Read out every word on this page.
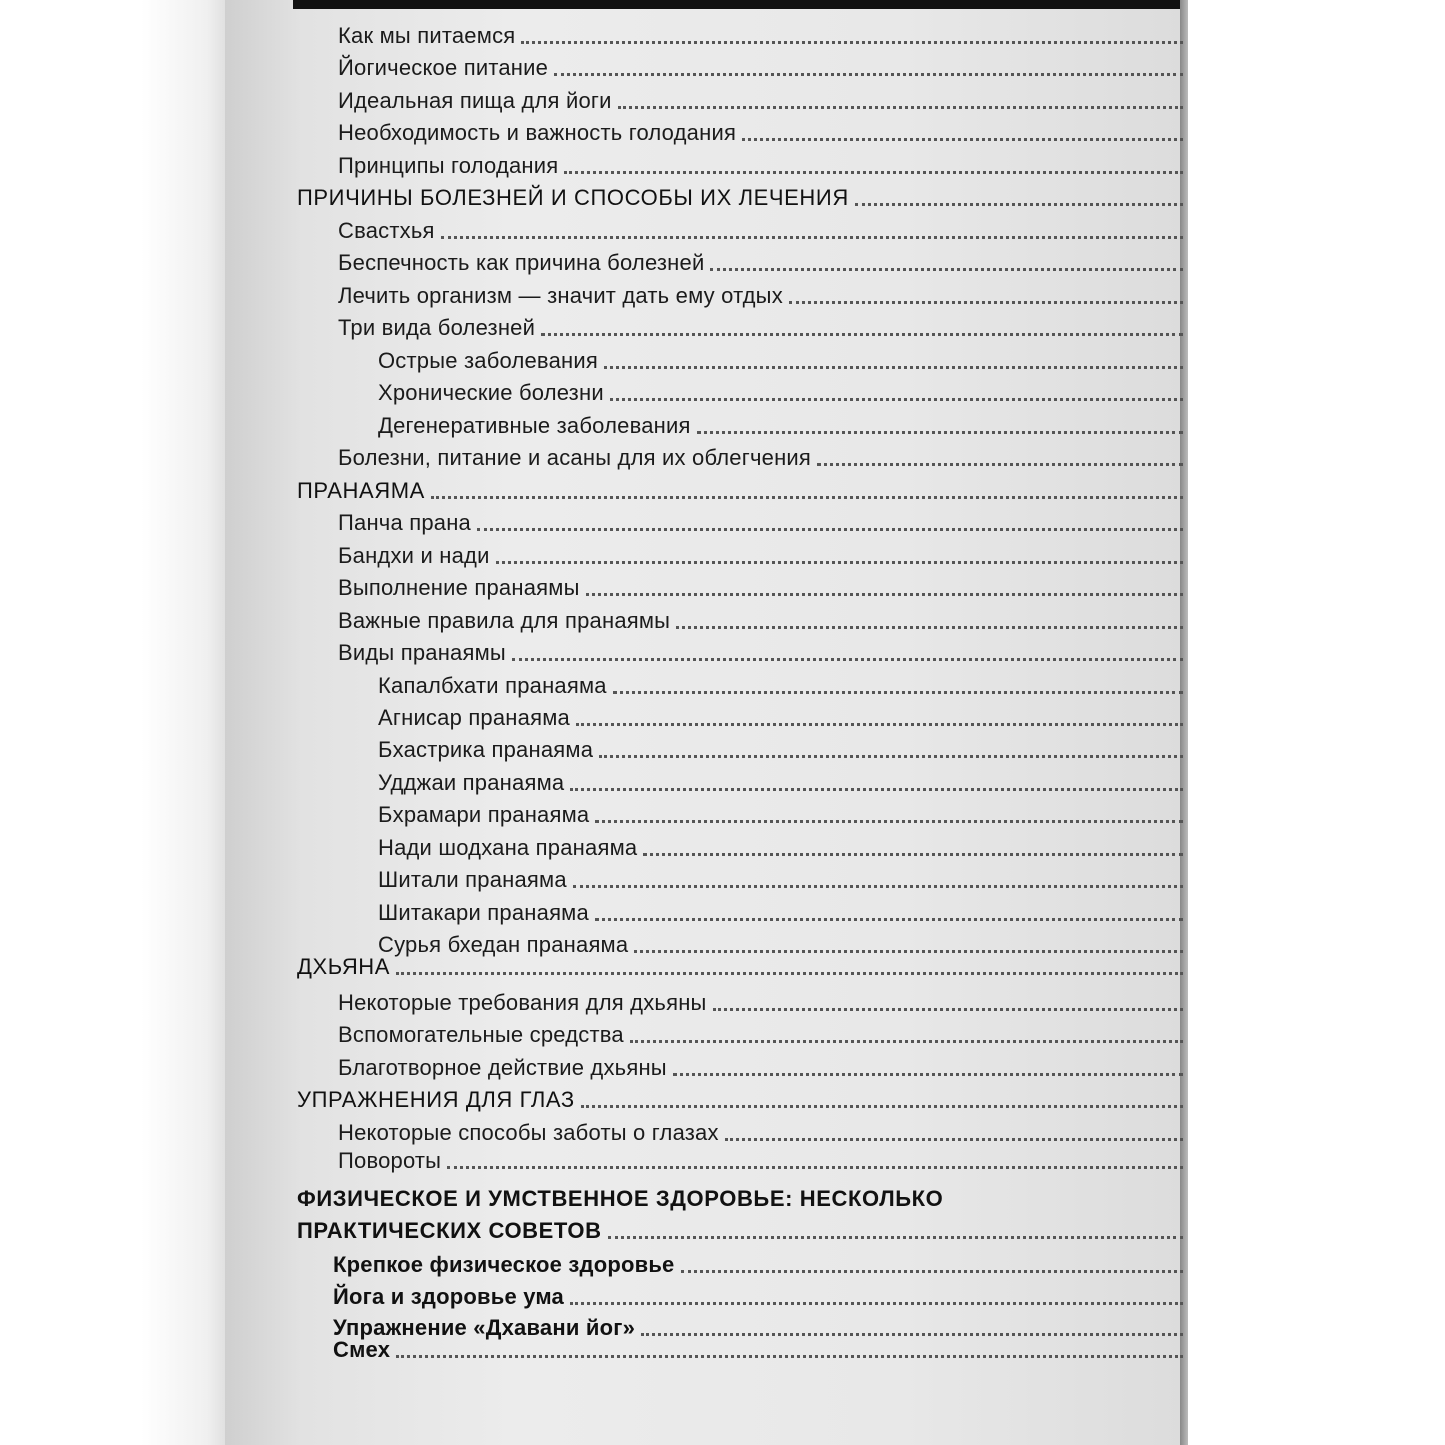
Как мы питаемся
Йогическое питание
Идеальная пища для йоги
Необходимость и важность голодания
Принципы голодания
ПРИЧИНЫ БОЛЕЗНЕЙ И СПОСОБЫ ИХ ЛЕЧЕНИЯ
Свастхья
Беспечность как причина болезней
Лечить организм — значит дать ему отдых
Три вида болезней
Острые заболевания
Хронические болезни
Дегенеративные заболевания
Болезни, питание и асаны для их облегчения
ПРАНАЯМА
Панча прана
Бандхи и нади
Выполнение пранаямы
Важные правила для пранаямы
Виды пранаямы
Капалбхати пранаяма
Агнисар пранаяма
Бхастрика пранаяма
Удджаи пранаяма
Бхрамари пранаяма
Нади шодхана пранаяма
Шитали пранаяма
Шитакари пранаяма
Сурья бхедан пранаяма
ДХЬЯНА
Некоторые требования для дхьяны
Вспомогательные средства
Благотворное действие дхьяны
УПРАЖНЕНИЯ ДЛЯ ГЛАЗ
Некоторые способы заботы о глазах
Повороты
ФИЗИЧЕСКОЕ И УМСТВЕННОЕ ЗДОРОВЬЕ: НЕСКОЛЬКО
ПРАКТИЧЕСКИХ СОВЕТОВ
Крепкое физическое здоровье
Йога и здоровье ума
Упражнение «Дхавани йог»
Смех
